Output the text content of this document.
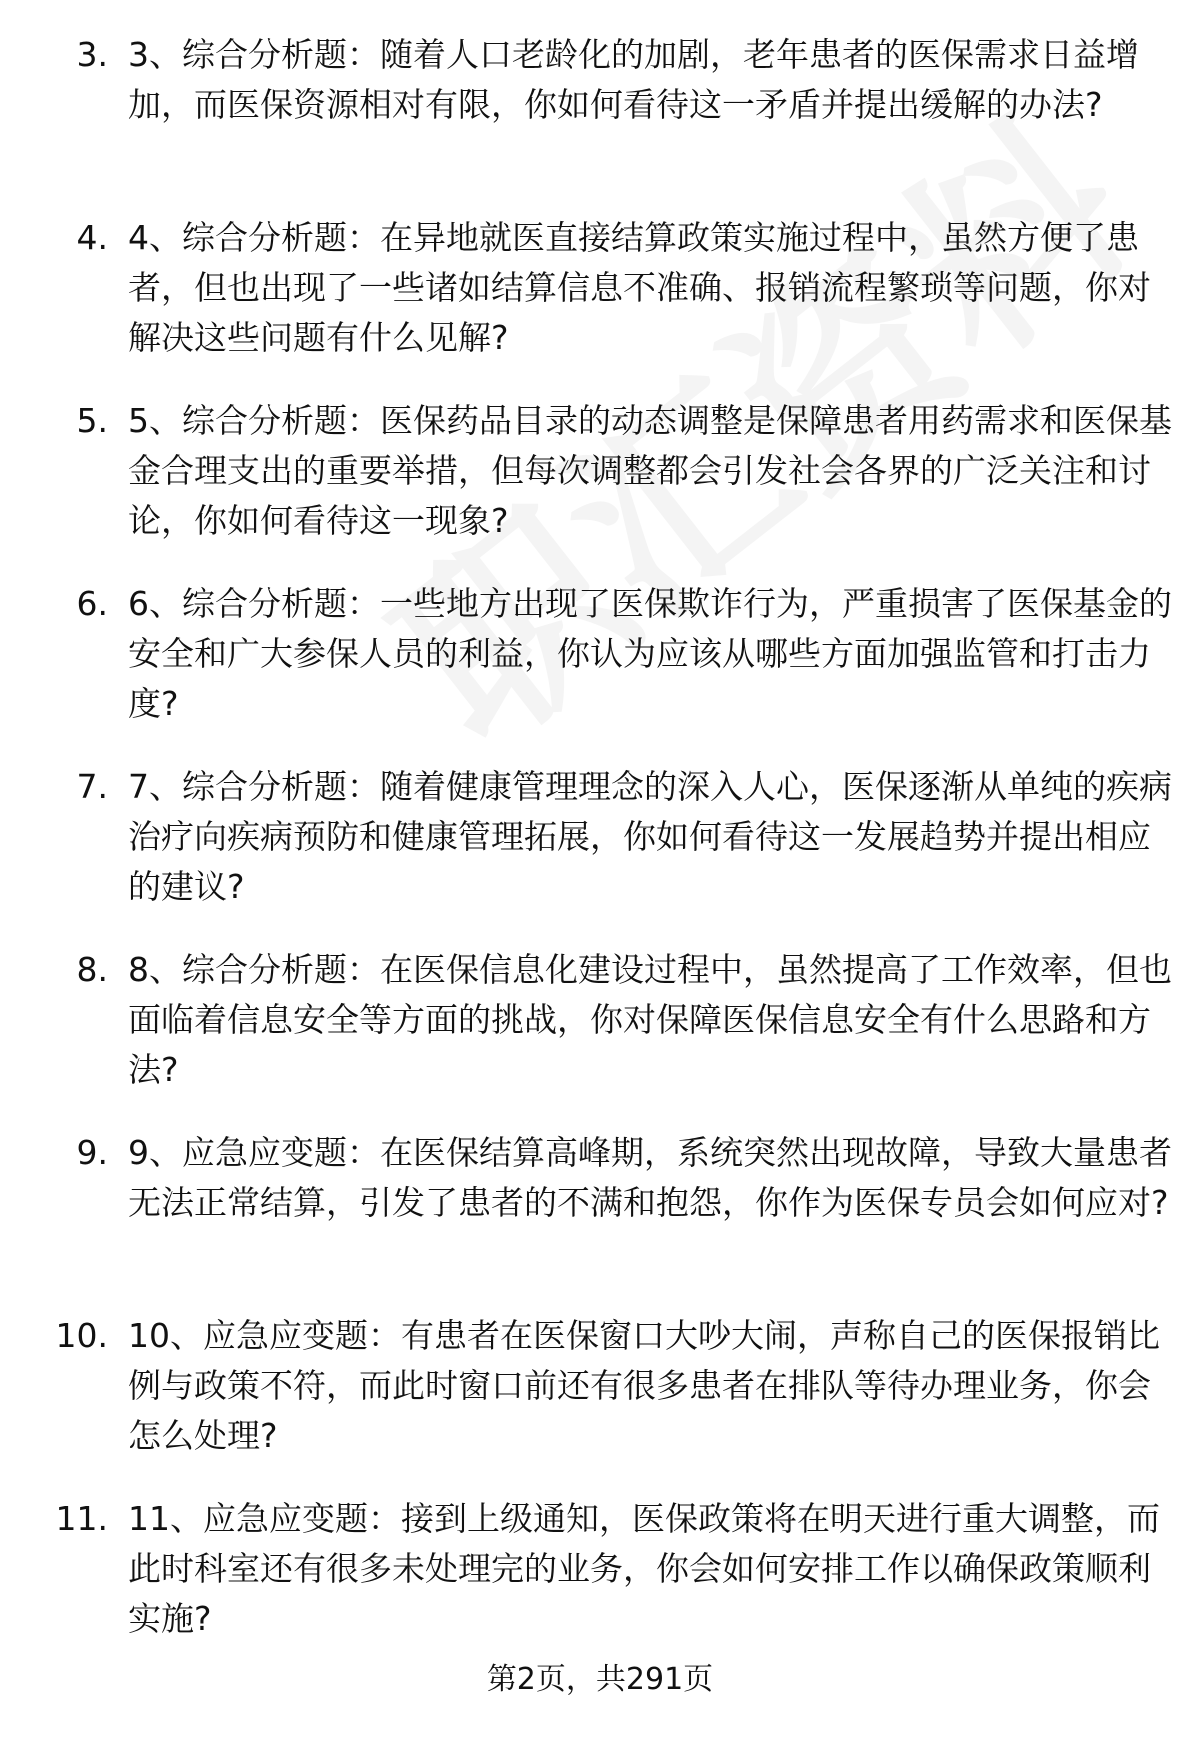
3. 3、综合分析题：随着人口老龄化的加剧，老年患者的医保需求日益增加，而医保资源相对有限，你如何看待这一矛盾并提出缓解的办法?
4. 4、综合分析题：在异地就医直接结算政策实施过程中，虽然方便了患者，但也出现了一些诸如结算信息不准确、报销流程繁琐等问题，你对解决这些问题有什么见解?
5. 5、综合分析题：医保药品目录的动态调整是保障患者用药需求和医保基金合理支出的重要举措，但每次调整都会引发社会各界的广泛关注和讨论，你如何看待这一现象?
6. 6、综合分析题：一些地方出现了医保欺诈行为，严重损害了医保基金的安全和广大参保人员的利益，你认为应该从哪些方面加强监管和打击力度?
7. 7、综合分析题：随着健康管理理念的深入人心，医保逐渐从单纯的疾病治疗向疾病预防和健康管理拓展，你如何看待这一发展趋势并提出相应的建议?
8. 8、综合分析题：在医保信息化建设过程中，虽然提高了工作效率，但也面临着信息安全等方面的挑战，你对保障医保信息安全有什么思路和方法?
9. 9、应急应变题：在医保结算高峰期，系统突然出现故障，导致大量患者无法正常结算，引发了患者的不满和抱怨，你作为医保专员会如何应对?
10. 10、应急应变题：有患者在医保窗口大吵大闹，声称自己的医保报销比例与政策不符，而此时窗口前还有很多患者在排队等待办理业务，你会怎么处理?
11. 11、应急应变题：接到上级通知，医保政策将在明天进行重大调整，而此时科室还有很多未处理完的业务，你会如何安排工作以确保政策顺利实施?
第2页，共291页
